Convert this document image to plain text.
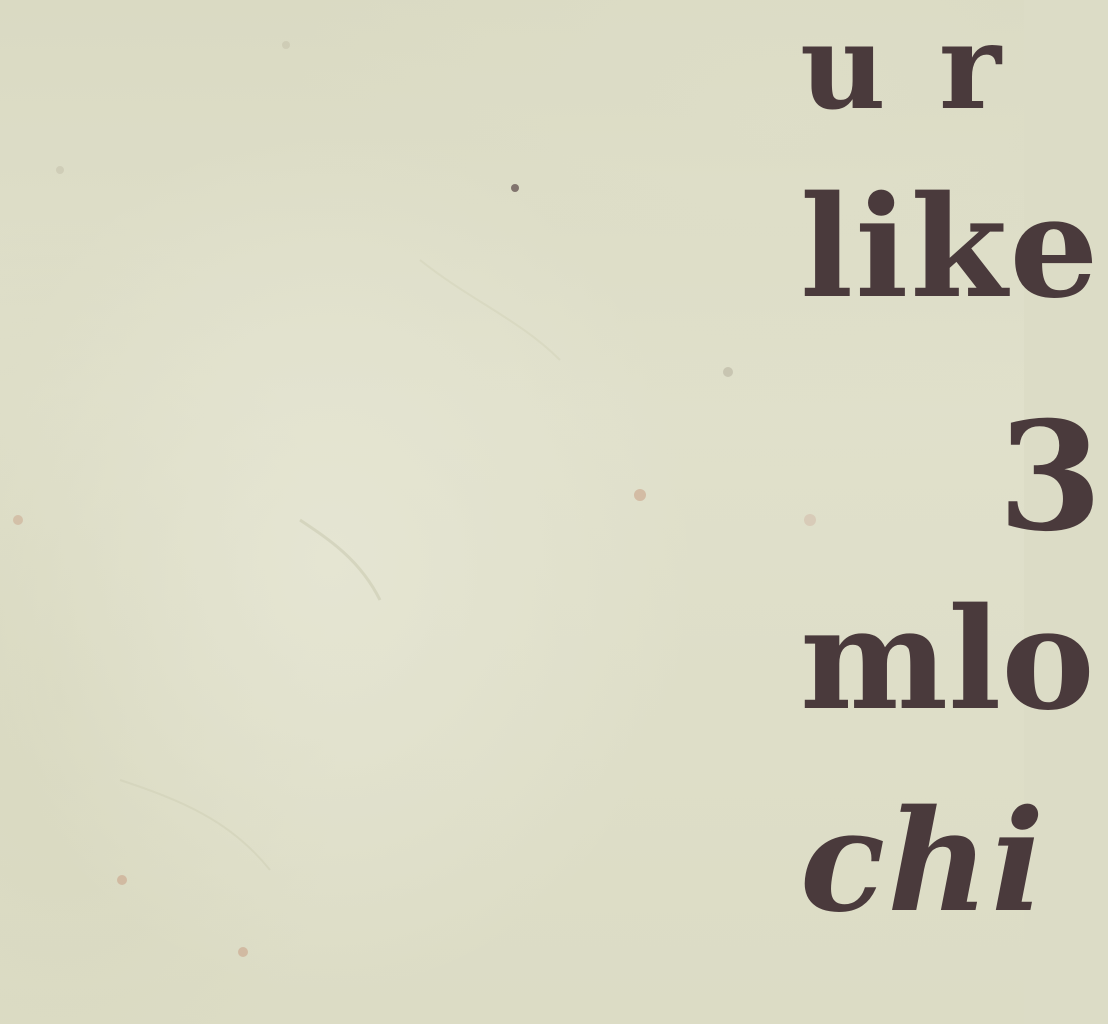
u r
like
3
mlo
chi
